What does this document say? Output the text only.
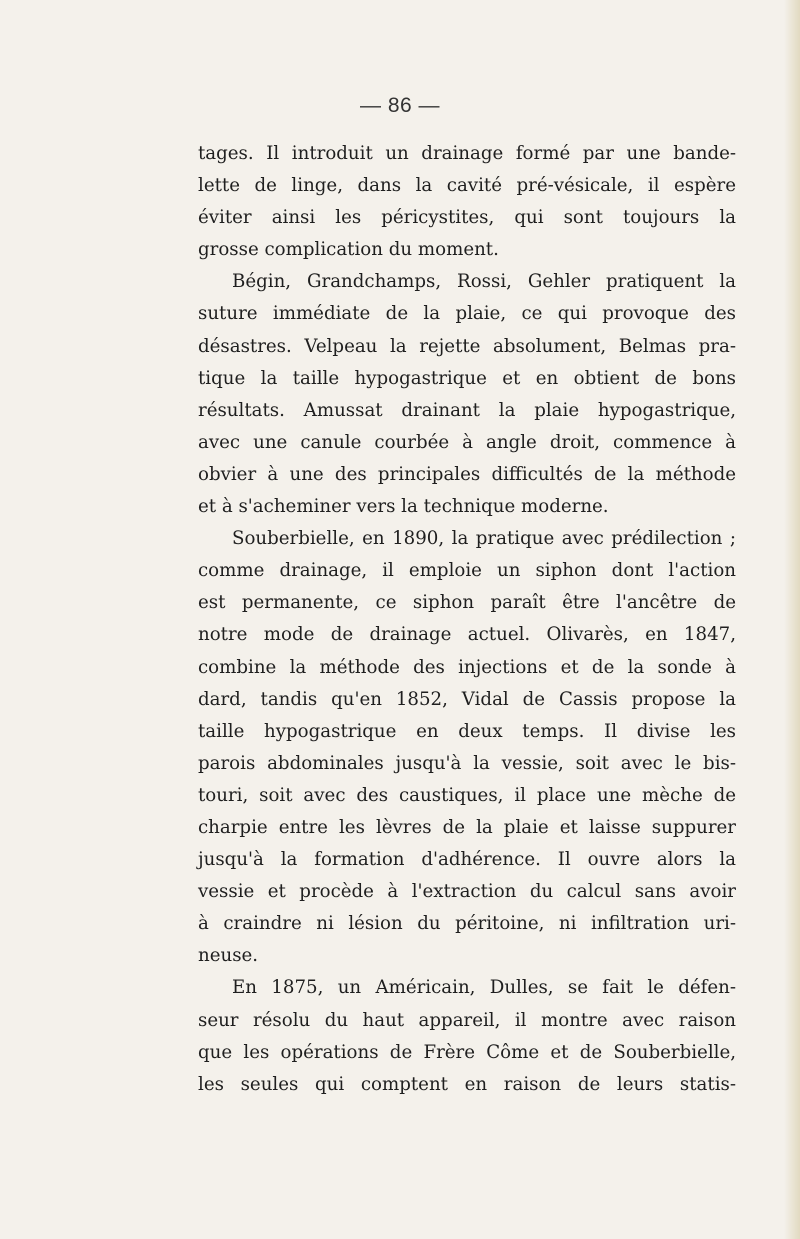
— 86 —
tages. Il introduit un drainage formé par une bande-
lette de linge, dans la cavité pré-vésicale, il espère
éviter ainsi les péricystites, qui sont toujours la
grosse complication du moment.
Bégin, Grandchamps, Rossi, Gehler pratiquent la
suture immédiate de la plaie, ce qui provoque des
désastres. Velpeau la rejette absolument, Belmas pra-
tique la taille hypogastrique et en obtient de bons
résultats. Amussat drainant la plaie hypogastrique,
avec une canule courbée à angle droit, commence à
obvier à une des principales difficultés de la méthode
et à s'acheminer vers la technique moderne.
Souberbielle, en 1890, la pratique avec prédilection ;
comme drainage, il emploie un siphon dont l'action
est permanente, ce siphon paraît être l'ancêtre de
notre mode de drainage actuel. Olivarès, en 1847,
combine la méthode des injections et de la sonde à
dard, tandis qu'en 1852, Vidal de Cassis propose la
taille hypogastrique en deux temps. Il divise les
parois abdominales jusqu'à la vessie, soit avec le bis-
touri, soit avec des caustiques, il place une mèche de
charpie entre les lèvres de la plaie et laisse suppurer
jusqu'à la formation d'adhérence. Il ouvre alors la
vessie et procède à l'extraction du calcul sans avoir
à craindre ni lésion du péritoine, ni infiltration uri-
neuse.
En 1875, un Américain, Dulles, se fait le défen-
seur résolu du haut appareil, il montre avec raison
que les opérations de Frère Côme et de Souberbielle,
les seules qui comptent en raison de leurs statis-
